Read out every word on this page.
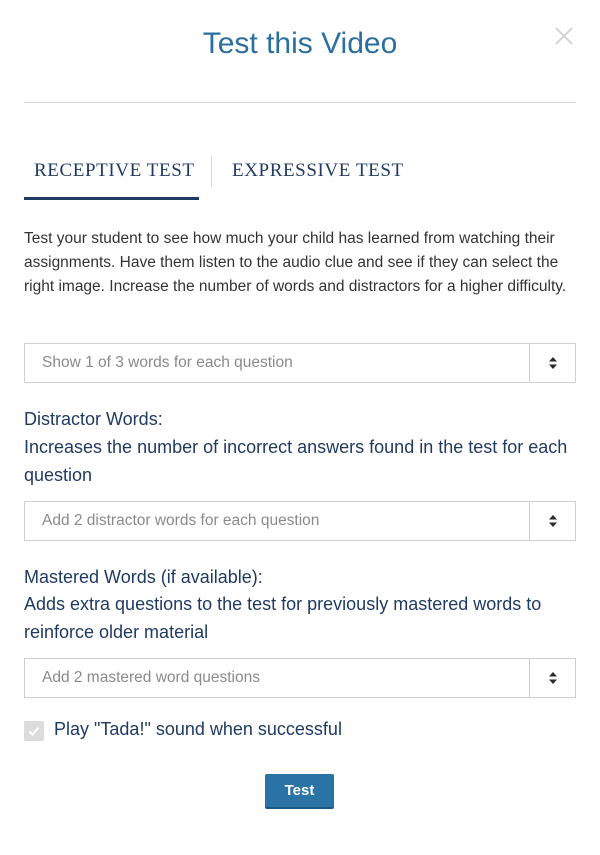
Test this Video
RECEPTIVE TEST EXPRESSIVE TEST

Test your student to see how much your child has learned from watching their assignments. Have them listen to the audio clue and see if they can select the right image. Increase the number of words and distractors for a higher difficulty.

Show 1 of 3 words for each question
Distractor Words:
Increases the number of incorrect answers found in the test for each question
Add 2 distractor words for each question
Mastered Words (if available):
Adds extra questions to the test for previously mastered words to reinforce older material
Add 2 mastered word questions
Play "Tada!" sound when successful
Test
